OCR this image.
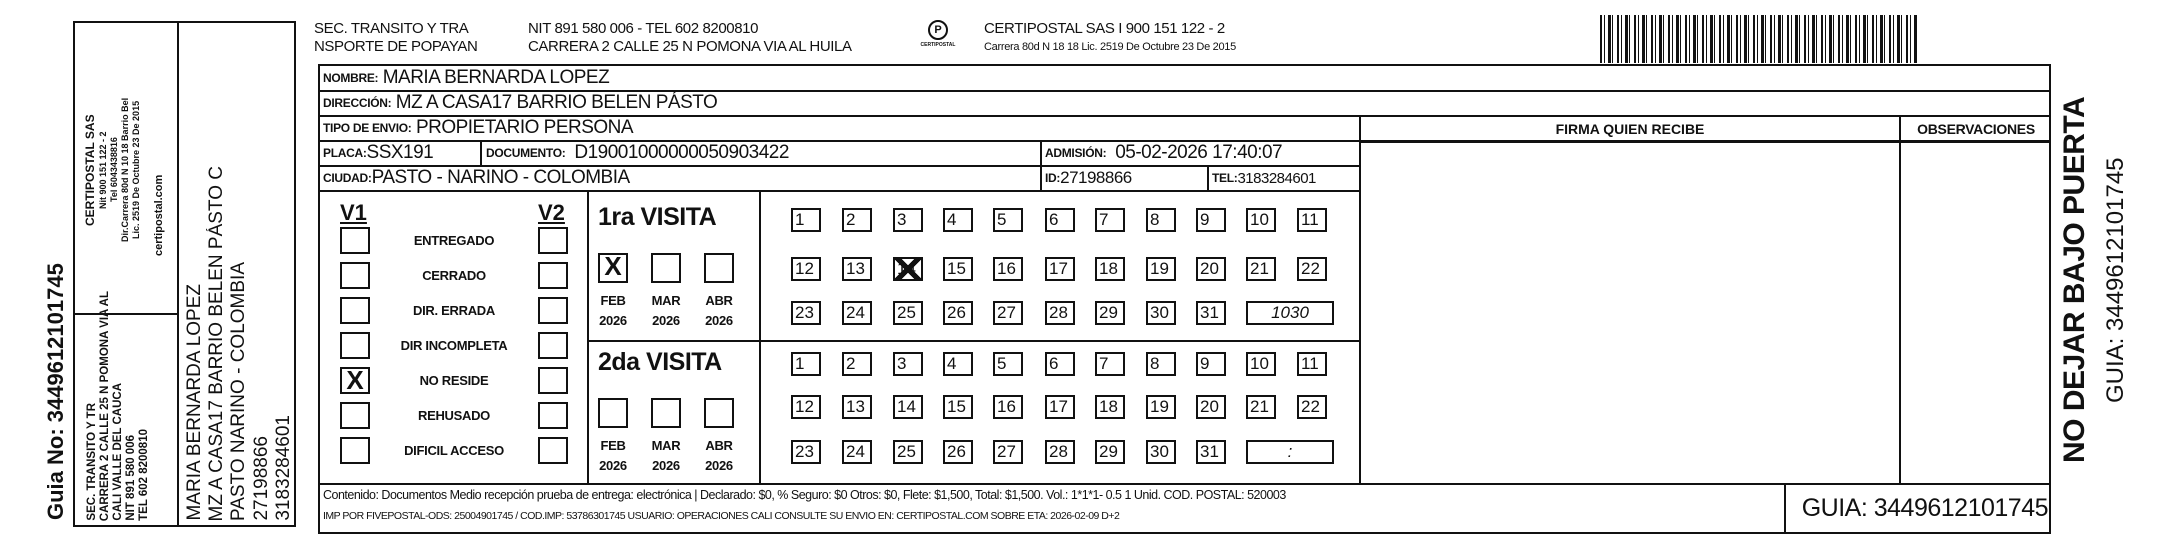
Guia No: 3449612101745
certipostal.com
SEC. TRANSITO Y TRA
NSPORTE DE POPAYAN
NIT 891 580 006 - TEL 602 8200810
CARRERA 2 CALLE 25 N POMONA VIA AL HUILA
P
CERTIPOSTAL
CERTIPOSTAL SAS I 900 151 122 - 2
Carrera 80d N 18 18 Lic. 2519 De Octubre 23 De 2015
NOMBRE:
MARIA BERNARDA LOPEZ
DIRECCIÓN:
MZ A CASA17 BARRIO BELEN PÁSTO
TIPO DE ENVIO:
PROPIETARIO PERSONA
PLACA: SSX191	DOCUMENTO:
D19001000000050903422	ADMISIÓN:
05-02-2026 17:40:07
CIUDAD: PASTO - NARINO - COLOMBIA	ID: 27198866	TEL: 3183284601
FIRMA QUIEN RECIBE	OBSERVACIONES
V1	V2
Contenido: Documentos Medio recepción prueba de entrega: electrónica | Declarado: $0, % Seguro: $0 Otros: $0, Flete: $1,500, Total: $1,500. Vol.: 1*1*1- 0.5 1 Unid. COD. POSTAL: 520003
IMP POR FIVEPOSTAL-ODS: 25004901745 / COD.IMP: 53786301745 USUARIO: OPERACIONES CALI CONSULTE SU ENVIO EN: CERTIPOSTAL.COM SOBRE ETA: 2026-02-09 D+2	GUIA: 3449612101745
NO DEJAR BAJO PUERTA GUIA: 3449612101745
SEC. TRANSITO Y TR CARRERA 2 CALLE 25 N POMONA VIA AL CALI VALLE DEL CAUCA NIT 891 580 006 TEL 602 8200810
CERTIPOSTAL SAS Nit 900 151 122 - 2 Tel 6043438816 Dir.Carrera 80d N 10 18 Barrio Bel Lic. 2519 De Octubre 23 De 2015
MARIA BERNARDA LOPEZ MZ A CASA17 BARRIO BELEN PÁSTO C PASTO NARINO - COLOMBIA 27198866 3183284601
ENTREGADO
CERRADO
DIR. ERRADA
DIR INCOMPLETA
X	NO RESIDE
REHUSADO
DIFICIL ACCESO
1ra VISITA
X
FEB
2026
MAR
2026
ABR
2026
1	2	3	4	5	6	7	8	9	10	11
12	13	14	15	16	17	18	19	20	21	22
23	24	25	26	27	28	29	30	31	1030
2da VISITA
FEB
2026
MAR
2026
ABR
2026
1	2	3	4	5	6	7	8	9	10	11
12	13	14	15	16	17	18	19	20	21	22
23	24	25	26	27	28	29	30	31	:
